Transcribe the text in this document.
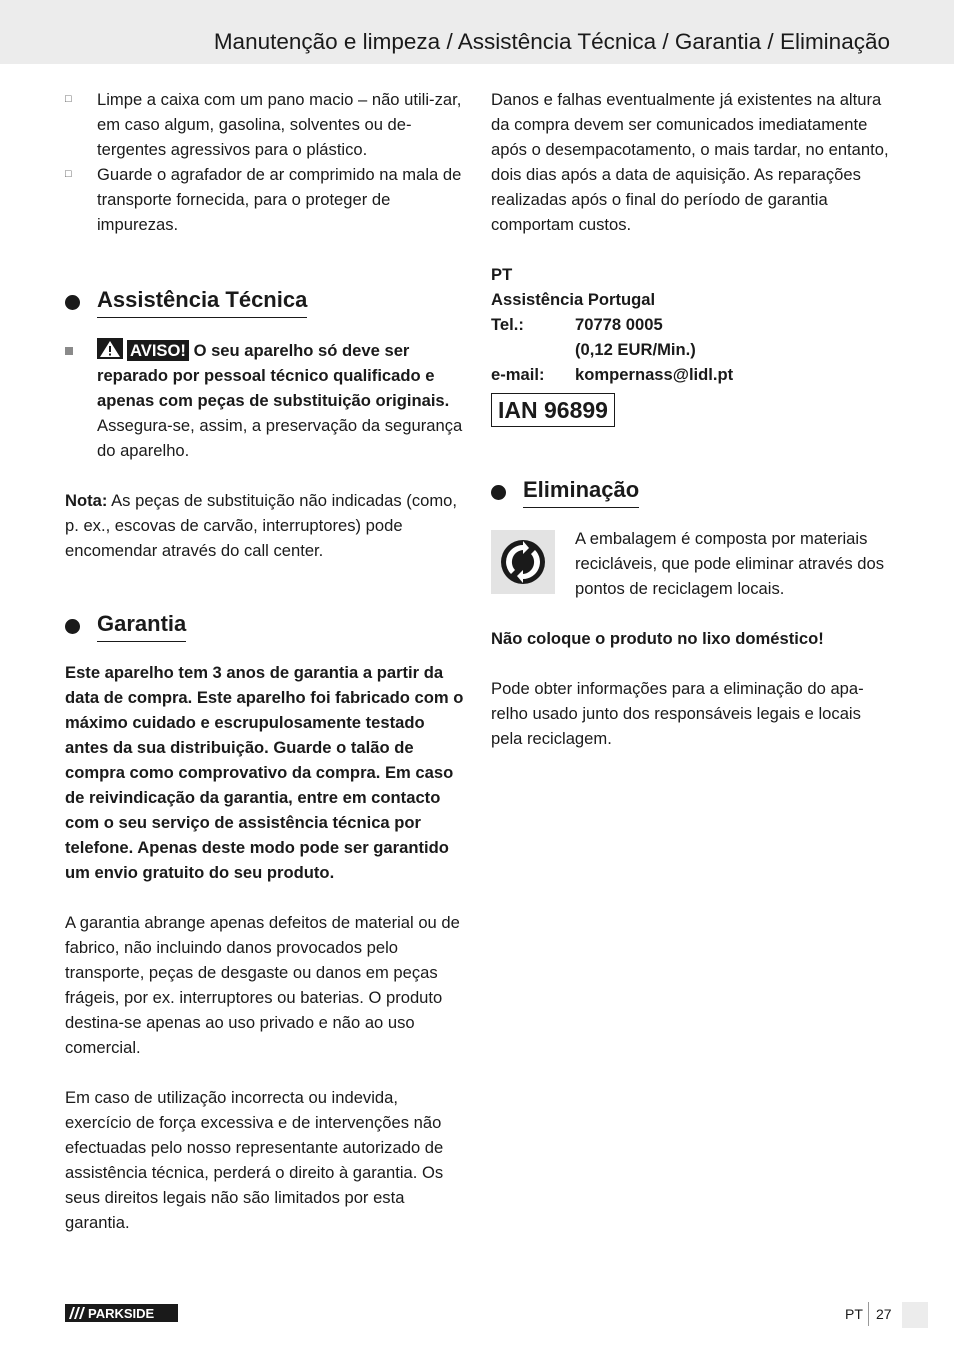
Manutenção e limpeza / Assistência Técnica / Garantia / Eliminação
□ Limpe a caixa com um pano macio – não utili-zar, em caso algum, gasolina, solventes ou de-tergentes agressivos para o plástico.

□ Guarde o agrafador de ar comprimido na mala de transporte fornecida, para o proteger de impurezas.

Assistência Técnica

AVISO! O seu aparelho só deve ser reparado por pessoal técnico qualificado e apenas com peças de substituição originais. Assegura-se, assim, a preservação da segurança do aparelho.

Nota: As peças de substituição não indicadas (como, p. ex., escovas de carvão, interruptores) pode encomendar através do call center.

Garantia

Este aparelho tem 3 anos de garantia a partir da data de compra. Este aparelho foi fabricado com o máximo cuidado e escrupulosamente testado antes da sua distribuição. Guarde o talão de compra como comprovativo da compra. Em caso de reivindicação da garantia, entre em contacto com o seu serviço de assistência técnica por telefone. Apenas deste modo pode ser garantido um envio gratuito do seu produto.

A garantia abrange apenas defeitos de material ou de fabrico, não incluindo danos provocados pelo transporte, peças de desgaste ou danos em peças frágeis, por ex. interruptores ou baterias. O produto destina-se apenas ao uso privado e não ao uso comercial.

Em caso de utilização incorrecta ou indevida, exercício de força excessiva e de intervenções não efectuadas pelo nosso representante autorizado de assistência técnica, perderá o direito à garantia. Os seus direitos legais não são limitados por esta garantia.

Danos e falhas eventualmente já existentes na altura da compra devem ser comunicados imediatamente após o desempacotamento, o mais tardar, no entanto, dois dias após a data de aquisição. As reparações realizadas após o final do período de garantia comportam custos.

PT

Assistência Portugal

Tel.:	70778 0005
(0,12 EUR/Min.)
e-mail:	kompernass@lidl.pt
IAN 96899
Eliminação

A embalagem é composta por materiais recicláveis, que pode eliminar através dos pontos de reciclagem locais.

Não coloque o produto no lixo doméstico!

Pode obter informações para a eliminação do apa-relho usado junto dos responsáveis legais e locais pela reciclagem.

PARKSIDE	PT 27
